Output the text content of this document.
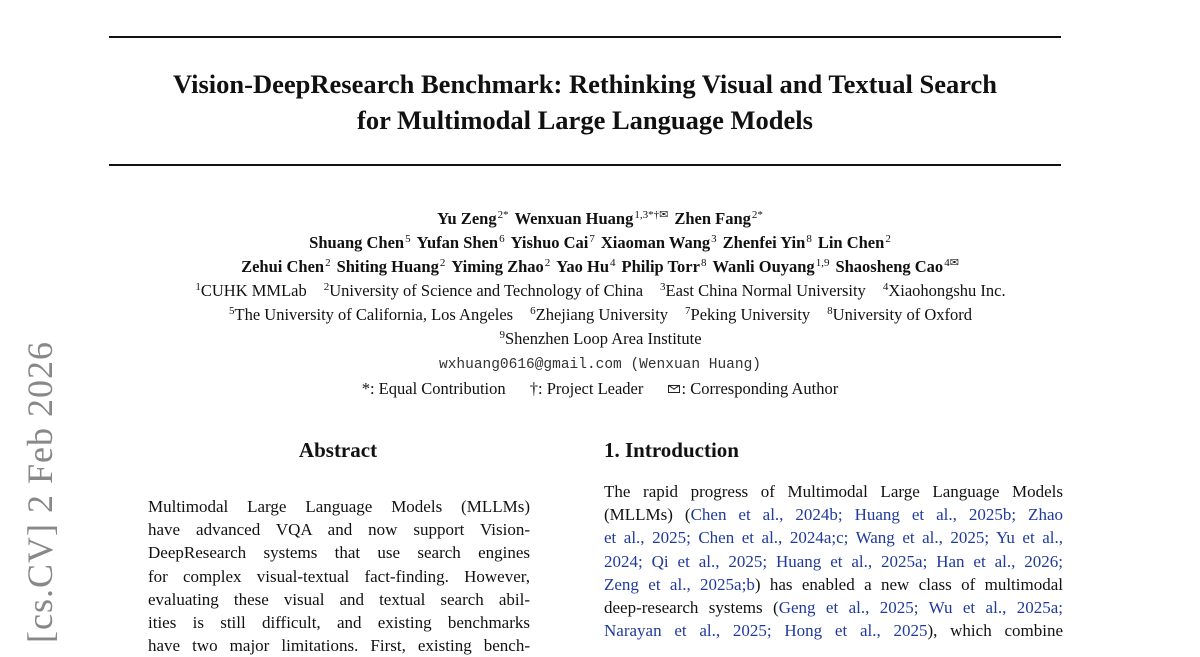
Vision-DeepResearch Benchmark: Rethinking Visual and Textual Search
for Multimodal Large Language Models
Yu Zeng$^{2*}$ Wenxuan Huang$^{1,3*\dagger✉}$ Zhen Fang$^{2*}$
Shuang Chen$^5$ Yufan Shen$^6$ Yishuo Cai$^7$ Xiaoman Wang$^3$ Zhenfei Yin$^8$ Lin Chen$^2$
Zehui Chen$^2$ Shiting Huang$^2$ Yiming Zhao$^2$ Yao Hu$^4$ Philip Torr$^8$ Wanli Ouyang$^{1,9}$ Shaosheng Cao$^{4✉}$
$^1$CUHK MMLab $^2$University of Science and Technology of China $^3$East China Normal University $^4$Xiaohongshu Inc.
$^5$The University of California, Los Angeles $^6$Zhejiang University $^7$Peking University $^8$University of Oxford
$^9$Shenzhen Loop Area Institute
wxhuang0616@gmail.com (Wenxuan Huang)
*: Equal Contribution †: Project Leader : Corresponding Author
[cs.CV] 2 Feb 2026	Abstract
Multimodal Large Language Models (MLLMs)
have advanced VQA and now support Vision-
DeepResearch systems that use search engines
for complex visual-textual fact-finding. However,
evaluating these visual and textual search abil-
ities is still difficult, and existing benchmarks
have two major limitations. First, existing bench-
1. Introduction
The rapid progress of Multimodal Large Language Models
(MLLMs) (Chen et al., 2024b; Huang et al., 2025b; Zhao
et al., 2025; Chen et al., 2024a;c; Wang et al., 2025; Yu et al.,
2024; Qi et al., 2025; Huang et al., 2025a; Han et al., 2026;
Zeng et al., 2025a;b) has enabled a new class of multimodal
deep-research systems (Geng et al., 2025; Wu et al., 2025a;
Narayan et al., 2025; Hong et al., 2025), which combine
